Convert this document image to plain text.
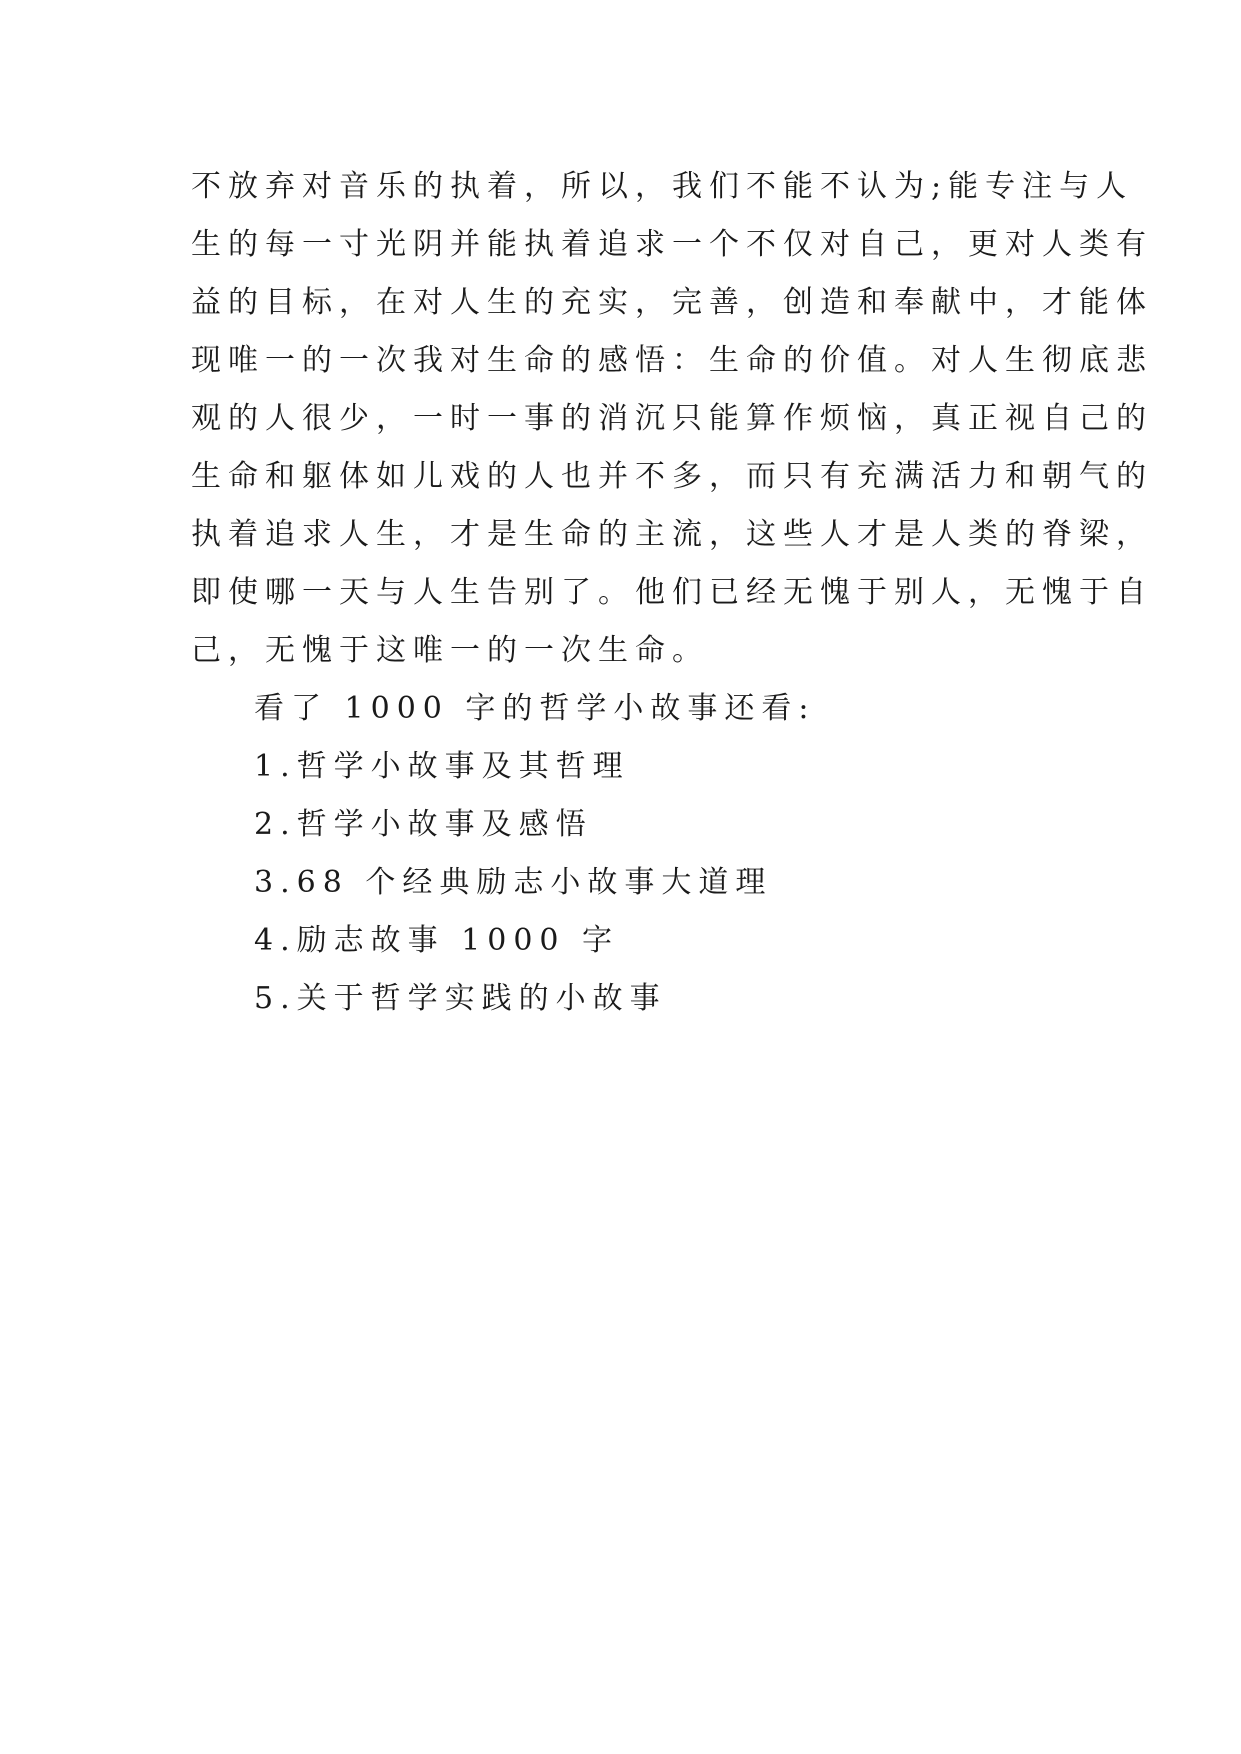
不放弃对音乐的执着，所以，我们不能不认为;能专注与人
生的每一寸光阴并能执着追求一个不仅对自己，更对人类有
益的目标，在对人生的充实，完善，创造和奉献中，才能体
现唯一的一次我对生命的感悟：生命的价值。对人生彻底悲
观的人很少，一时一事的消沉只能算作烦恼，真正视自己的
生命和躯体如儿戏的人也并不多，而只有充满活力和朝气的
执着追求人生，才是生命的主流，这些人才是人类的脊梁，
即使哪一天与人生告别了。他们已经无愧于别人，无愧于自
己，无愧于这唯一的一次生命。
看了 1000 字的哲学小故事还看:
1.哲学小故事及其哲理
2.哲学小故事及感悟
3.68 个经典励志小故事大道理
4.励志故事 1000 字
5.关于哲学实践的小故事
